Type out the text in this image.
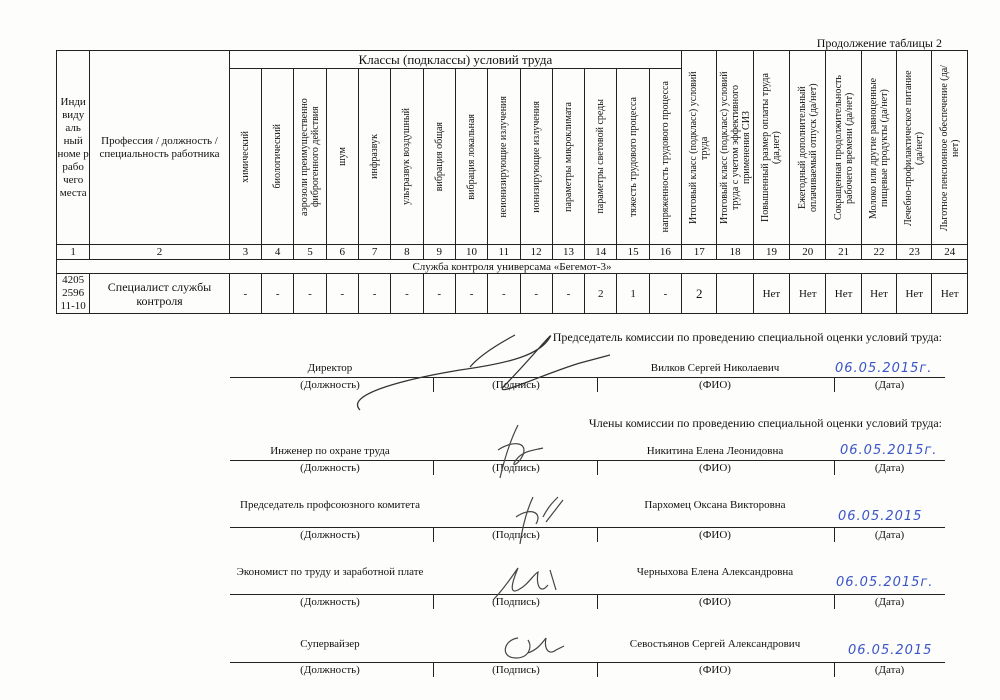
Продолжение таблицы 2
Инди виду аль ный номе р рабо чего места	Профессия / должность / специальность работника	Классы (подклассы) условий труда														Итоговый класс (подкласс) условий труда	Итоговый класс (подкласс) условий труда с учетом эффективного применения СИЗ	Повышенный размер оплаты труда (да,нет)	Ежегодный дополнительный оплачиваемый отпуск (да/нет)	Сокращенная продолжительность рабочего времени (да/нет)	Молоко или другие равноценные пищевые продукты (да/нет)	Лечебно-профилактическое питание (да/нет)	Льготное пенсионное обеспечение (да/нет)

		химический	биологический	аэрозоли преимущественно фиброгенного действия	шум	инфразвук	ультразвук воздушный	вибрация общая	вибрация локальная	неионизирующие излучения	ионизирующие излучения	параметры микроклимата	параметры световой среды	тяжесть трудового процесса	напряженность трудового процесса								

1	2	3	4	5	6	7	8	9	10	11	12	13	14	15	16	17	18	19	20	21	22	23	24
Служба контроля универсама «Бегемот-3»																							
4205 2596 11-10	Специалист службы контроля	-	-	-	-	-	-	-	-	-	-	-	2	1	-	2		Нет	Нет	Нет	Нет	Нет	Нет
Председатель комиссии по проведению специальной оценки условий труда:
Директор	Вилков Сергей Николаевич	06.05.2015г.
(Должность)	(Подпись)	(ФИО)	(Дата)
Члены комиссии по проведению специальной оценки условий труда:
Инженер по охране труда	Никитина Елена Леонидовна	06.05.2015г.
(Должность)	(Подпись)	(ФИО)	(Дата)
Председатель профсоюзного комитета	Пархомец Оксана Викторовна
06.05.2015
(Должность)	(Подпись)	(ФИО)	(Дата)
Экономист по труду и заработной плате	Черныхова Елена Александровна
06.05.2015г.
(Должность)	(Подпись)	(ФИО)	(Дата)
Супервайзер	Севостьянов Сергей Александрович	06.05.2015
(Должность)	(Подпись)	(ФИО)	(Дата)
